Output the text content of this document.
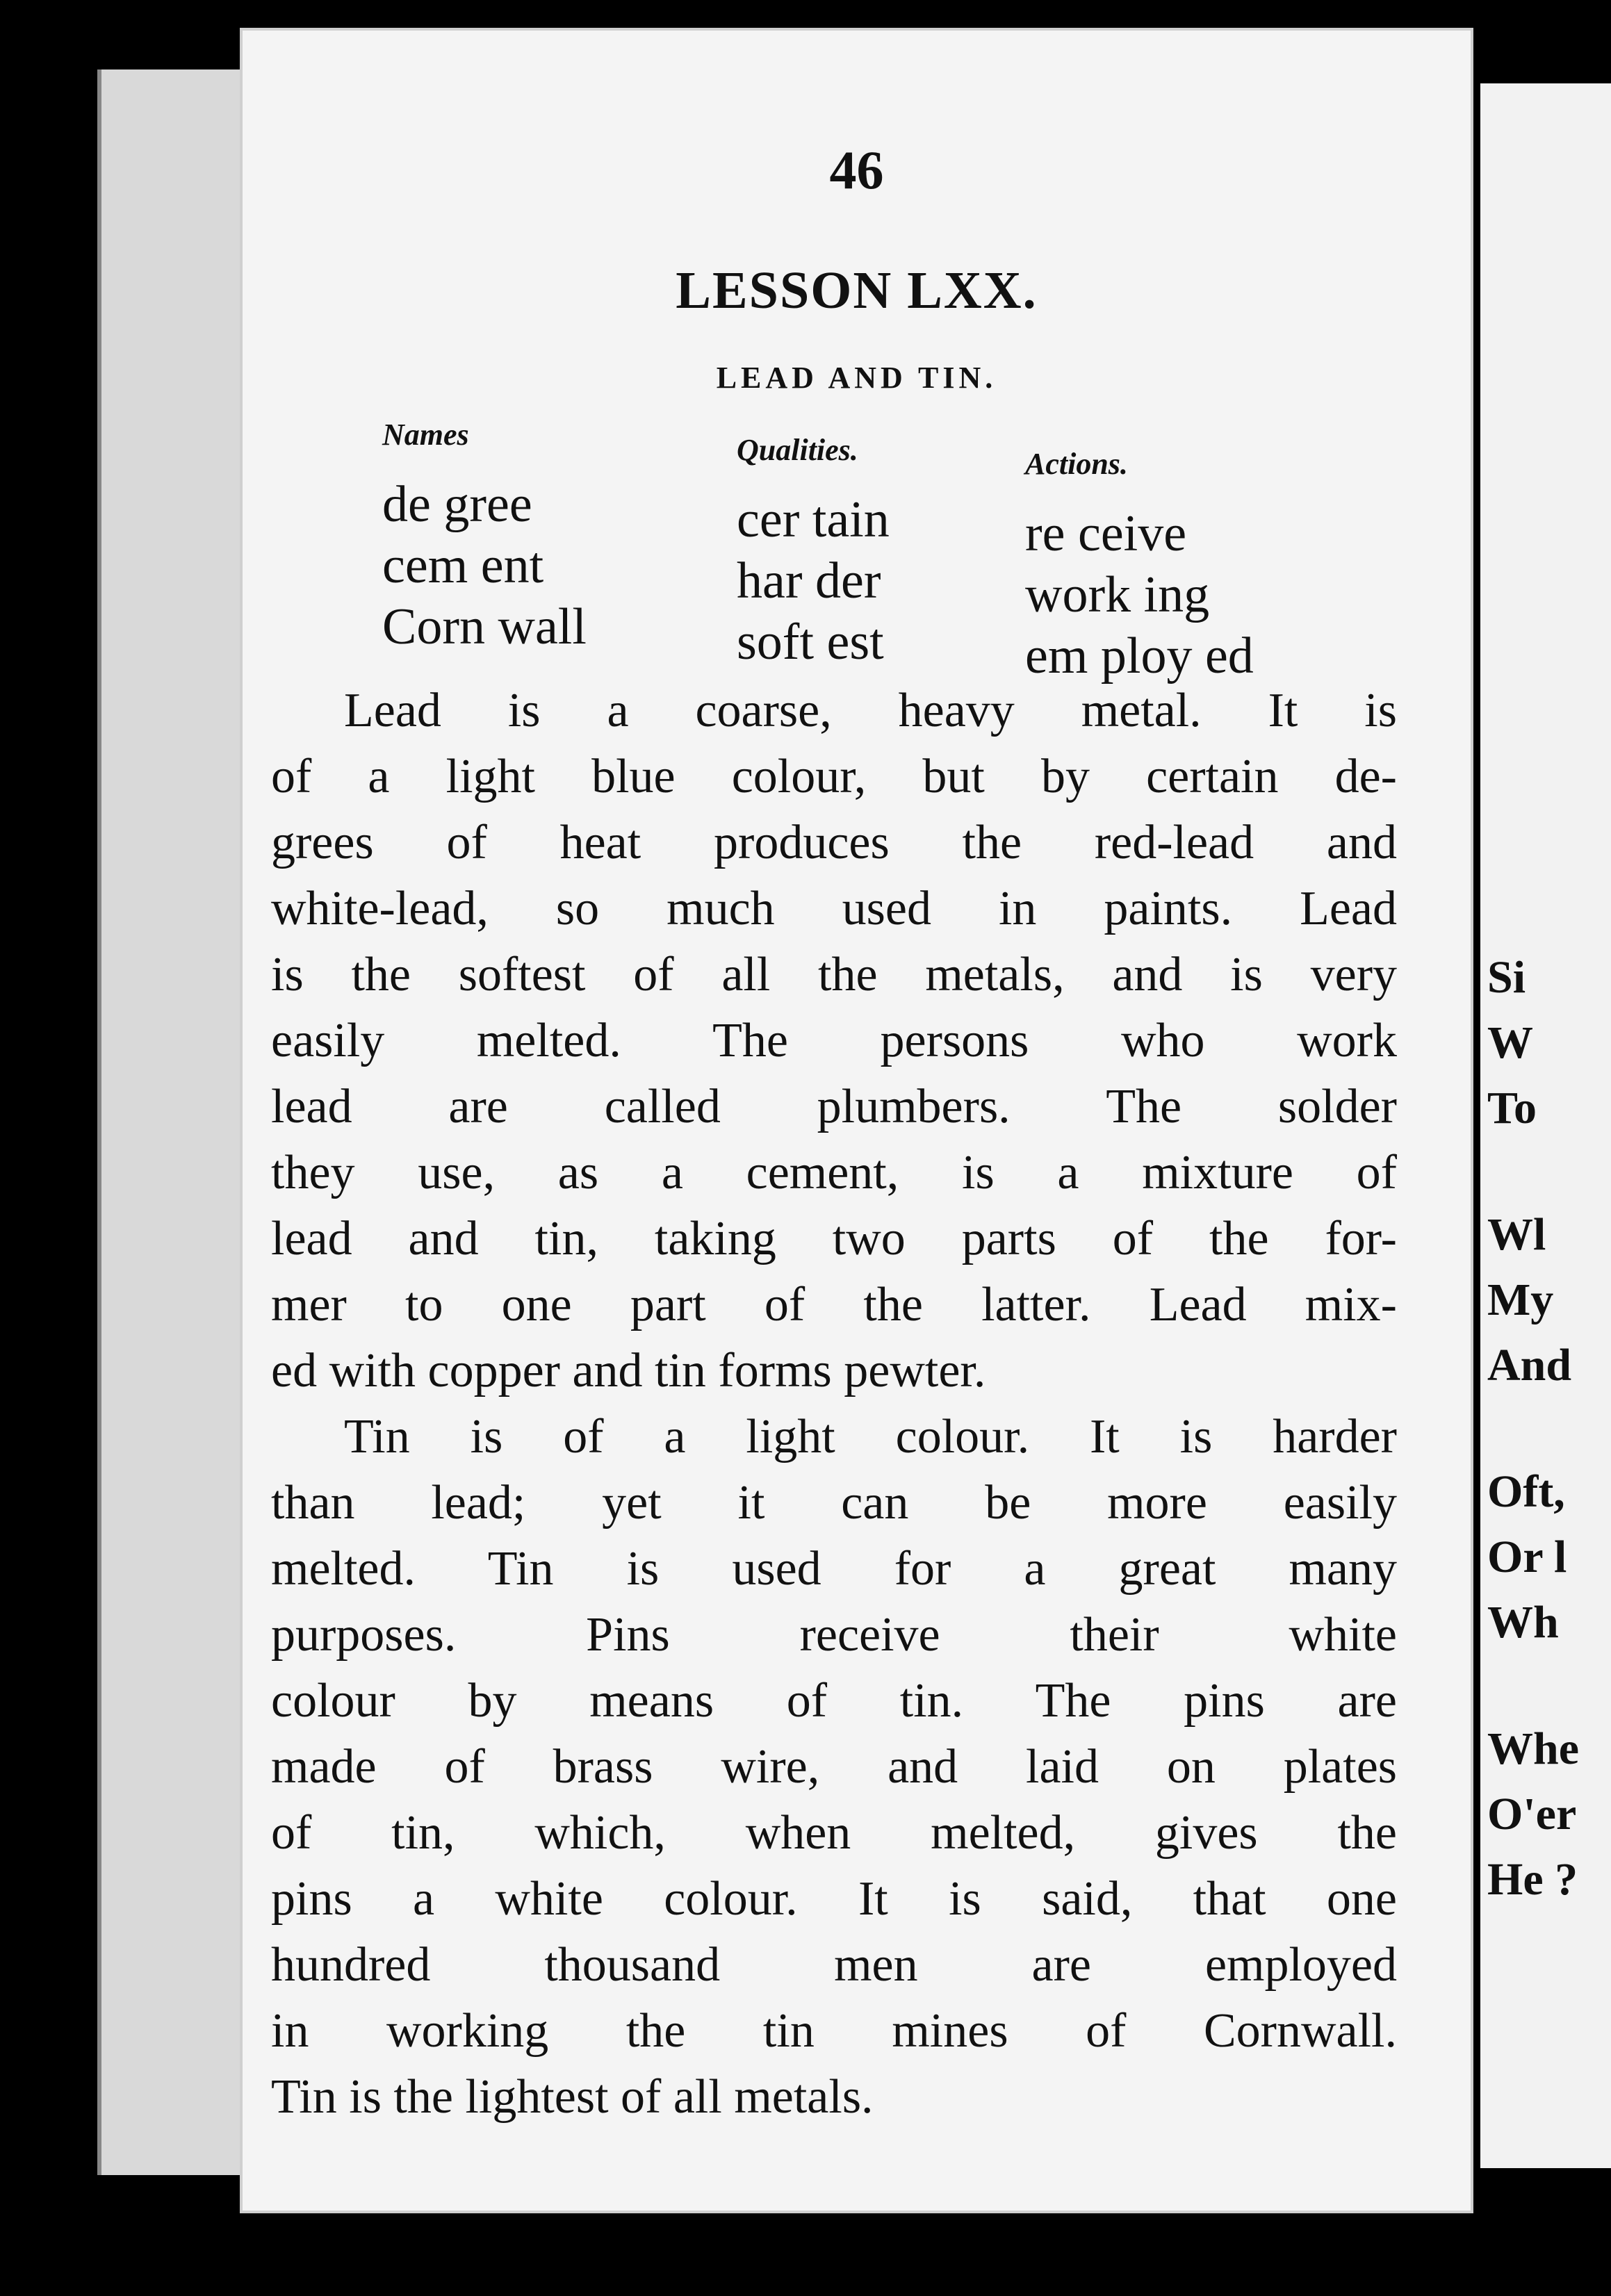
46
LESSON LXX.
LEAD AND TIN.
Names
de gree
cem ent
Corn wall
Qualities.
cer tain
har der
soft est
Actions.
re ceive
work ing
em ploy ed
Lead is a coarse, heavy metal. It is
of a light blue colour, but by certain de-
grees of heat produces the red-lead and
white-lead, so much used in paints. Lead
is the softest of all the metals, and is very
easily melted. The persons who work
lead are called plumbers. The solder
they use, as a cement, is a mixture of
lead and tin, taking two parts of the for-
mer to one part of the latter. Lead mix-
ed with copper and tin forms pewter.
Tin is of a light colour. It is harder
than lead; yet it can be more easily
melted. Tin is used for a great many
purposes. Pins receive their white
colour by means of tin. The pins are
made of brass wire, and laid on plates
of tin, which, when melted, gives the
pins a white colour. It is said, that one
hundred thousand men are employed
in working the tin mines of Cornwall.
Tin is the lightest of all metals.
Si
W
To
Wl
My
And
Oft,
Or l
Wh
Whe
O'er
He ?
